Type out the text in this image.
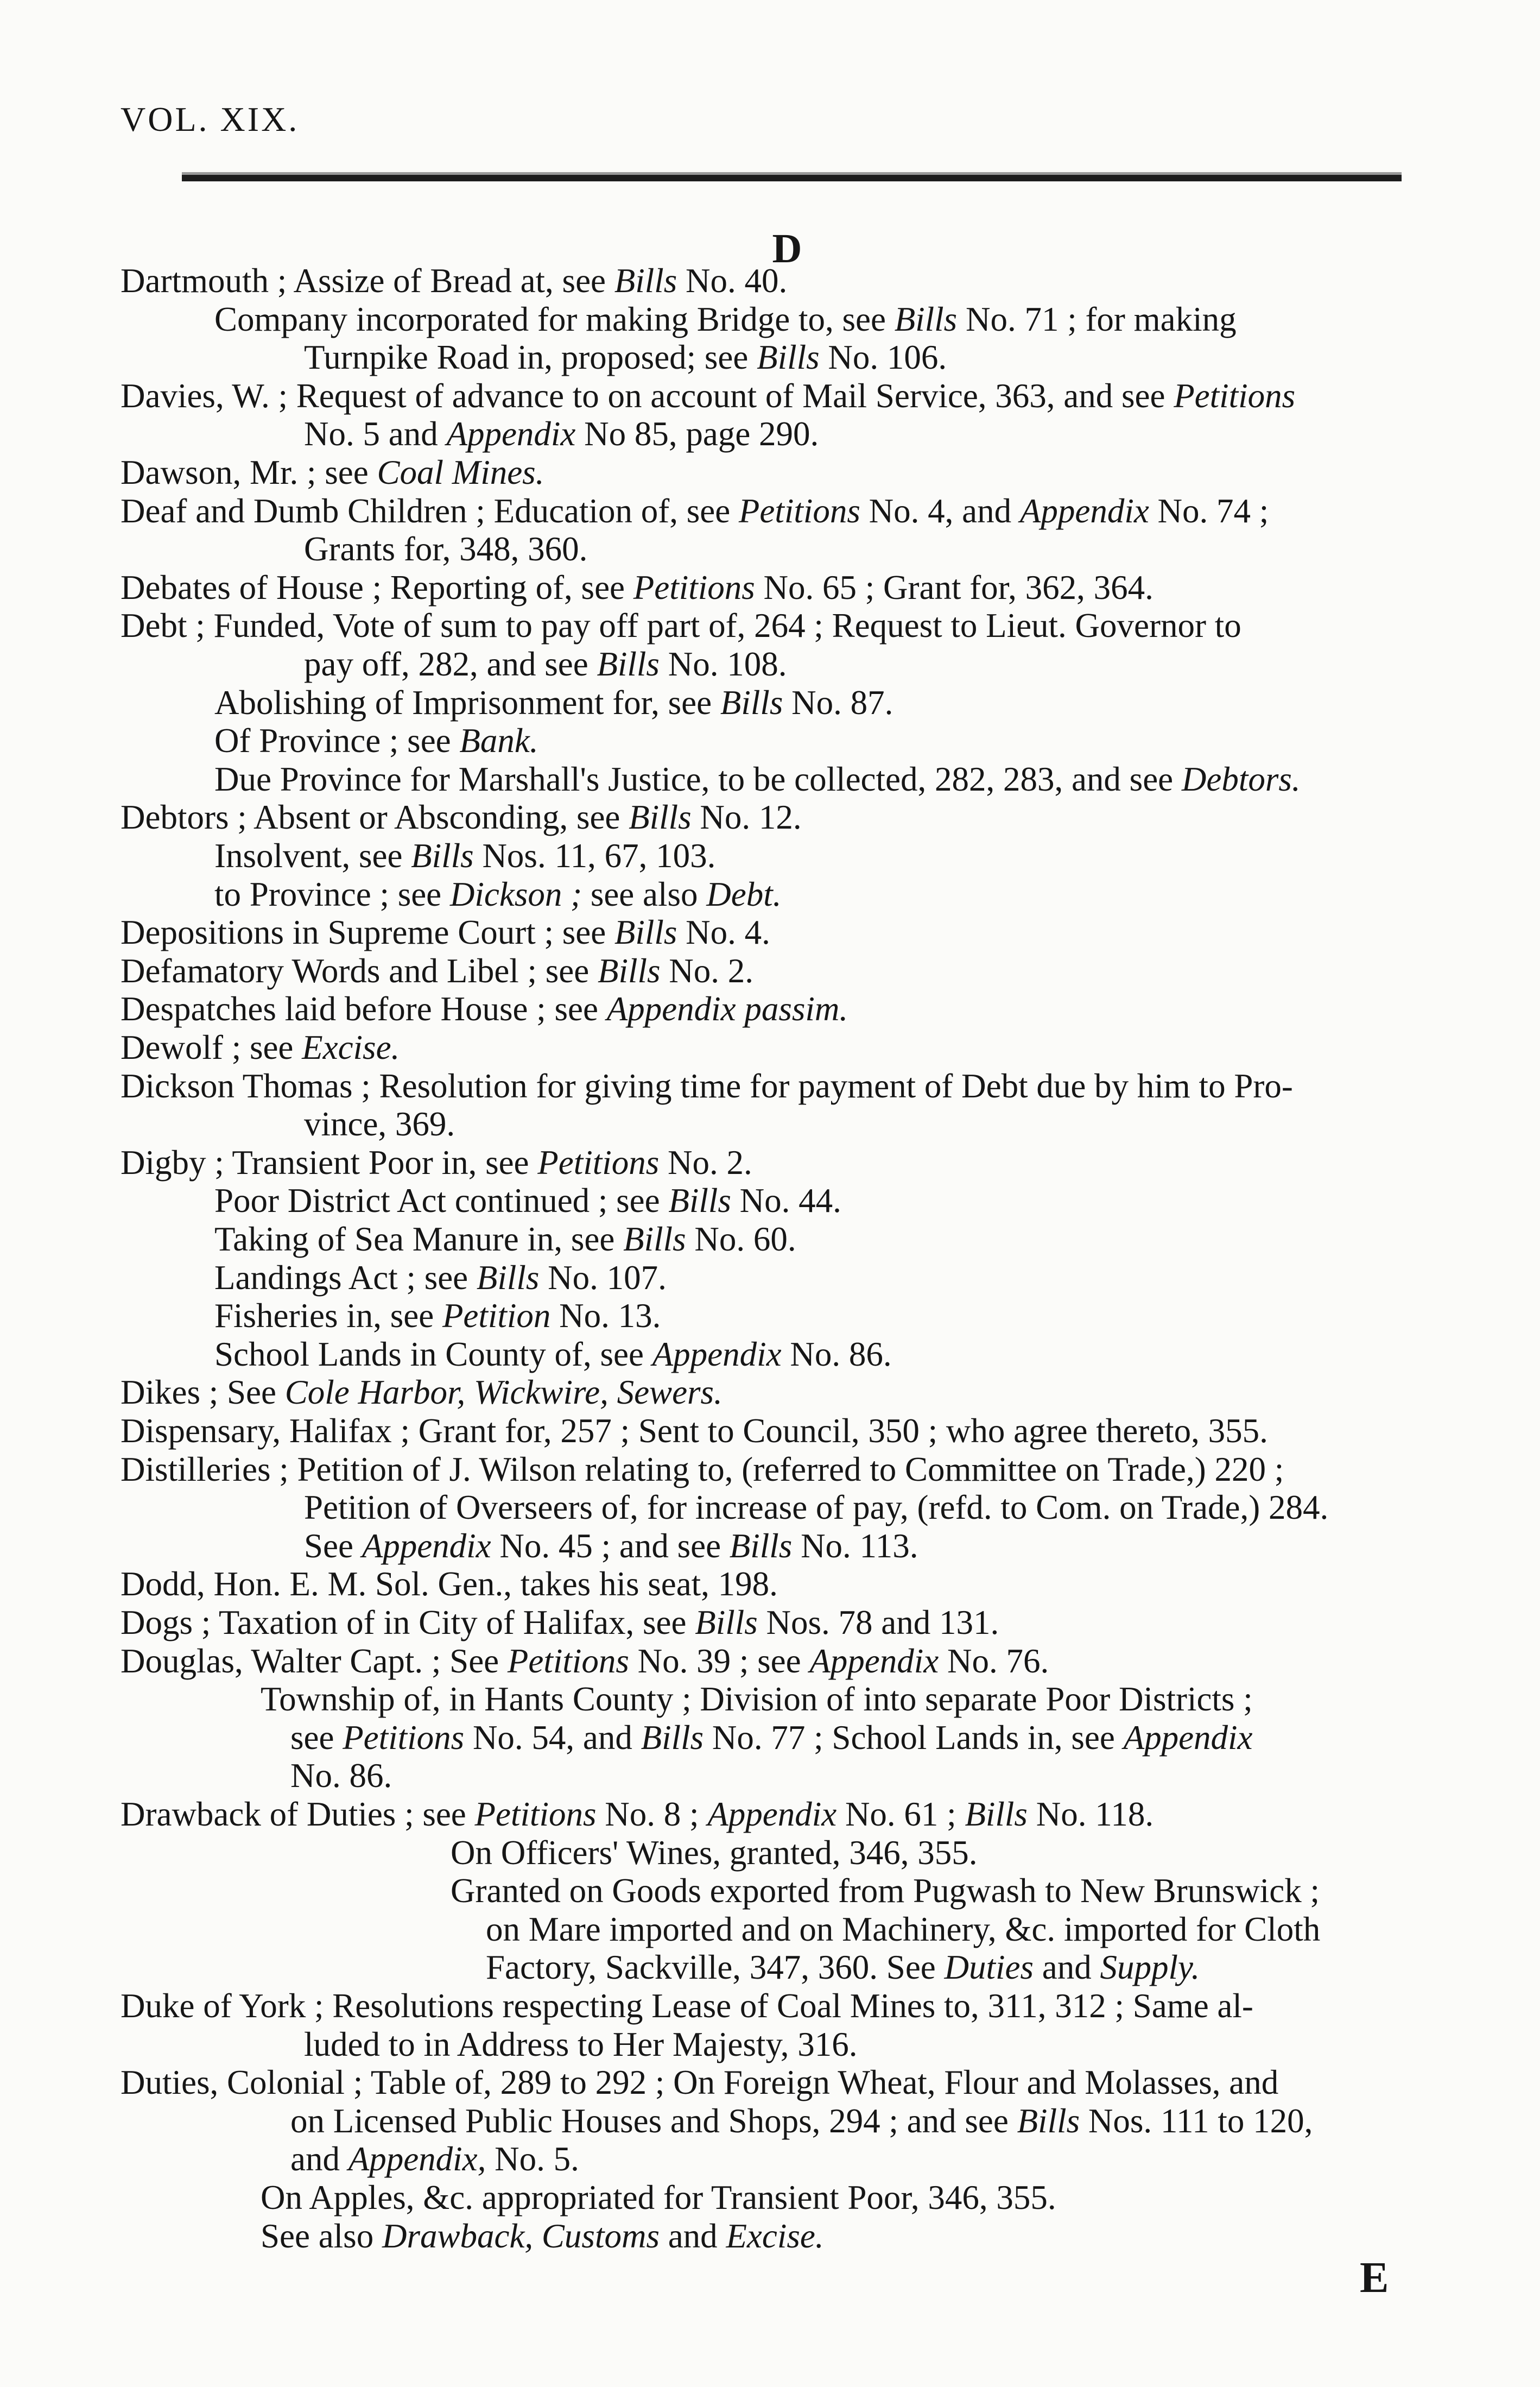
VOL. XIX.
D
Dartmouth ; Assize of Bread at, see Bills No. 40.
Company incorporated for making Bridge to, see Bills No. 71 ; for making
Turnpike Road in, proposed; see Bills No. 106.
Davies, W. ; Request of advance to on account of Mail Service, 363, and see Petitions
No. 5 and Appendix No 85, page 290.
Dawson, Mr. ; see Coal Mines.
Deaf and Dumb Children ; Education of, see Petitions No. 4, and Appendix No. 74 ;
Grants for, 348, 360.
Debates of House ; Reporting of, see Petitions No. 65 ; Grant for, 362, 364.
Debt ; Funded, Vote of sum to pay off part of, 264 ; Request to Lieut. Governor to
pay off, 282, and see Bills No. 108.
Abolishing of Imprisonment for, see Bills No. 87.
Of Province ; see Bank.
Due Province for Marshall's Justice, to be collected, 282, 283, and see Debtors.
Debtors ; Absent or Absconding, see Bills No. 12.
Insolvent, see Bills Nos. 11, 67, 103.
to Province ; see Dickson ; see also Debt.
Depositions in Supreme Court ; see Bills No. 4.
Defamatory Words and Libel ; see Bills No. 2.
Despatches laid before House ; see Appendix passim.
Dewolf ; see Excise.
Dickson Thomas ; Resolution for giving time for payment of Debt due by him to Pro-
vince, 369.
Digby ; Transient Poor in, see Petitions No. 2.
Poor District Act continued ; see Bills No. 44.
Taking of Sea Manure in, see Bills No. 60.
Landings Act ; see Bills No. 107.
Fisheries in, see Petition No. 13.
School Lands in County of, see Appendix No. 86.
Dikes ; See Cole Harbor, Wickwire, Sewers.
Dispensary, Halifax ; Grant for, 257 ; Sent to Council, 350 ; who agree thereto, 355.
Distilleries ; Petition of J. Wilson relating to, (referred to Committee on Trade,) 220 ;
Petition of Overseers of, for increase of pay, (refd. to Com. on Trade,) 284.
See Appendix No. 45 ; and see Bills No. 113.
Dodd, Hon. E. M. Sol. Gen., takes his seat, 198.
Dogs ; Taxation of in City of Halifax, see Bills Nos. 78 and 131.
Douglas, Walter Capt. ; See Petitions No. 39 ; see Appendix No. 76.
Township of, in Hants County ; Division of into separate Poor Districts ;
see Petitions No. 54, and Bills No. 77 ; School Lands in, see Appendix
No. 86.
Drawback of Duties ; see Petitions No. 8 ; Appendix No. 61 ; Bills No. 118.
On Officers' Wines, granted, 346, 355.
Granted on Goods exported from Pugwash to New Brunswick ;
on Mare imported and on Machinery, &c. imported for Cloth
Factory, Sackville, 347, 360. See Duties and Supply.
Duke of York ; Resolutions respecting Lease of Coal Mines to, 311, 312 ; Same al-
luded to in Address to Her Majesty, 316.
Duties, Colonial ; Table of, 289 to 292 ; On Foreign Wheat, Flour and Molasses, and
on Licensed Public Houses and Shops, 294 ; and see Bills Nos. 111 to 120,
and Appendix, No. 5.
On Apples, &c. appropriated for Transient Poor, 346, 355.
See also Drawback, Customs and Excise.
E
